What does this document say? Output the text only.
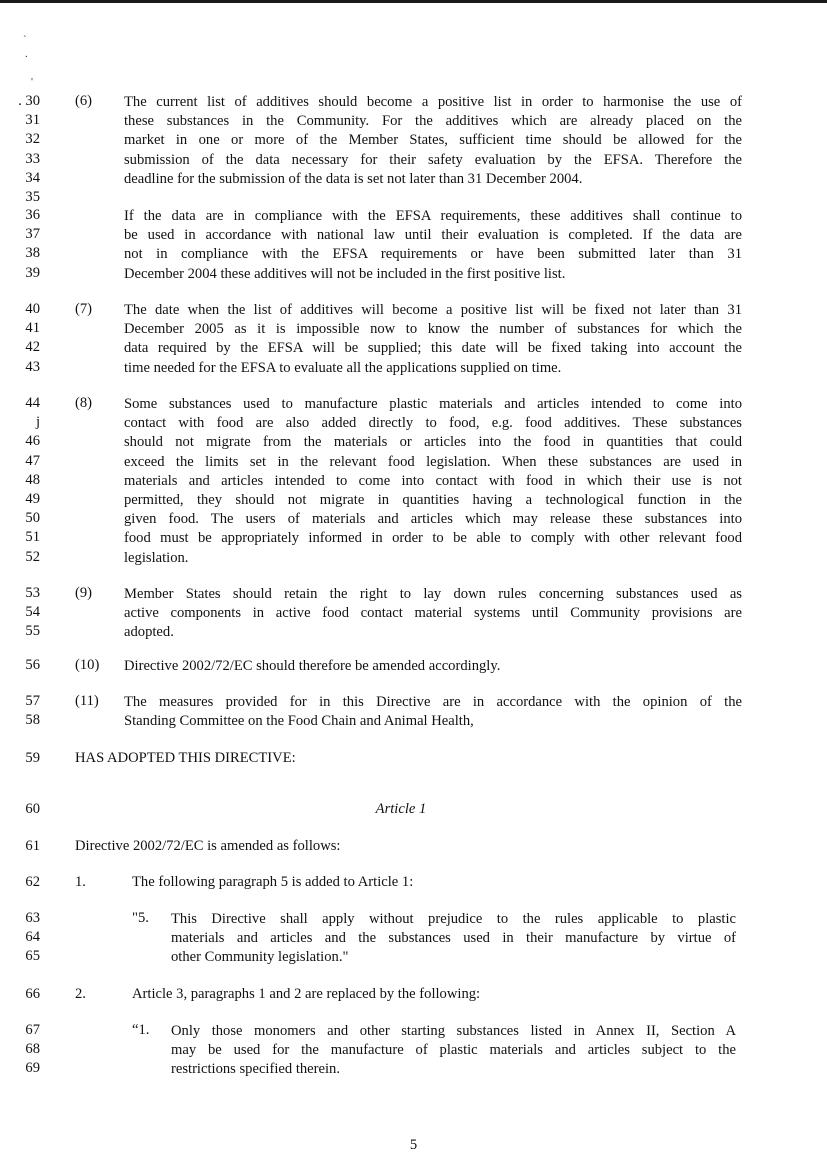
`
.
'
. 30
31
32
33
34
35
(6) The current list of additives should become a positive list in order to harmonise the use of
these substances in the Community. For the additives which are already placed on the
market in one or more of the Member States, sufficient time should be allowed for the
submission of the data necessary for their safety evaluation by the EFSA. Therefore the
deadline for the submission of the data is set not later than 31 December 2004.
36
37
38
39
If the data are in compliance with the EFSA requirements, these additives shall continue to
be used in accordance with national law until their evaluation is completed. If the data are
not in compliance with the EFSA requirements or have been submitted later than 31
December 2004 these additives will not be included in the first positive list.
40
41
42
43
(7) The date when the list of additives will become a positive list will be fixed not later than 31
December 2005 as it is impossible now to know the number of substances for which the
data required by the EFSA will be supplied; this date will be fixed taking into account the
time needed for the EFSA to evaluate all the applications supplied on time.
44
j
46
47
48
49
50
51
52
(8) Some substances used to manufacture plastic materials and articles intended to come into
contact with food are also added directly to food, e.g. food additives. These substances
should not migrate from the materials or articles into the food in quantities that could
exceed the limits set in the relevant food legislation. When these substances are used in
materials and articles intended to come into contact with food in which their use is not
permitted, they should not migrate in quantities having a technological function in the
given food. The users of materials and articles which may release these substances into
food must be appropriately informed in order to be able to comply with other relevant food
legislation.
53
54
55
(9) Member States should retain the right to lay down rules concerning substances used as
active components in active food contact material systems until Community provisions are
adopted.
56 (10) Directive 2002/72/EC should therefore be amended accordingly.
57
58
(11) The measures provided for in this Directive are in accordance with the opinion of the
Standing Committee on the Food Chain and Animal Health,
59 HAS ADOPTED THIS DIRECTIVE:
60	Article 1
61 Directive 2002/72/EC is amended as follows:
62 1.	The following paragraph 5 is added to Article 1:
63
64
65
"5. This Directive shall apply without prejudice to the rules applicable to plastic
materials and articles and the substances used in their manufacture by virtue of
other Community legislation."
66 2.	Article 3, paragraphs 1 and 2 are replaced by the following:
67
68
69
“1. Only those monomers and other starting substances listed in Annex II, Section A
may be used for the manufacture of plastic materials and articles subject to the
restrictions specified therein.
5
